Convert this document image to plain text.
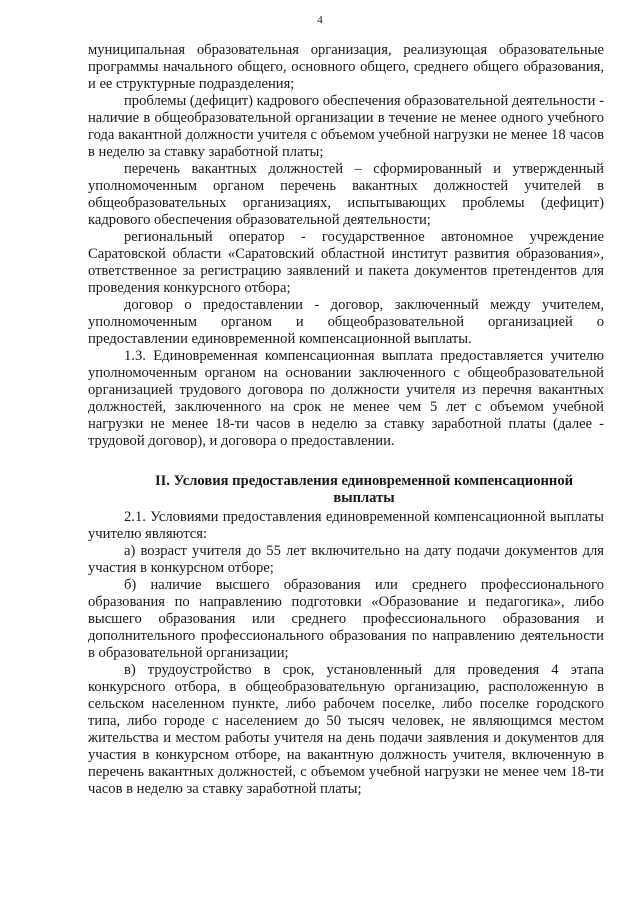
4

муниципальная образовательная организация, реализующая образовательные программы начального общего, основного общего, среднего общего образования, и ее структурные подразделения;

проблемы (дефицит) кадрового обеспечения образовательной деятельности - наличие в общеобразовательной организации в течение не менее одного учебного года вакантной должности учителя с объемом учебной нагрузки не менее 18 часов в неделю за ставку заработной платы;

перечень вакантных должностей – сформированный и утвержденный уполномоченным органом перечень вакантных должностей учителей в общеобразовательных организациях, испытывающих проблемы (дефицит) кадрового обеспечения образовательной деятельности;

региональный оператор - государственное автономное учреждение Саратовской области «Саратовский областной институт развития образования», ответственное за регистрацию заявлений и пакета документов претендентов для проведения конкурсного отбора;

договор о предоставлении - договор, заключенный между учителем, уполномоченным органом и общеобразовательной организацией о предоставлении единовременной компенсационной выплаты.

1.3. Единовременная компенсационная выплата предоставляется учителю уполномоченным органом на основании заключенного с общеобразовательной организацией трудового договора по должности учителя из перечня вакантных должностей, заключенного на срок не менее чем 5 лет с объемом учебной нагрузки не менее 18-ти часов в неделю за ставку заработной платы (далее - трудовой договор), и договора о предоставлении.

II. Условия предоставления единовременной компенсационной выплаты

2.1. Условиями предоставления единовременной компенсационной выплаты учителю являются:

а) возраст учителя до 55 лет включительно на дату подачи документов для участия в конкурсном отборе;

б) наличие высшего образования или среднего профессионального образования по направлению подготовки «Образование и педагогика», либо высшего образования или среднего профессионального образования и дополнительного профессионального образования по направлению деятельности в образовательной организации;

в) трудоустройство в срок, установленный для проведения 4 этапа конкурсного отбора, в общеобразовательную организацию, расположенную в сельском населенном пункте, либо рабочем поселке, либо поселке городского типа, либо городе с населением до 50 тысяч человек, не являющимся местом жительства и местом работы учителя на день подачи заявления и документов для участия в конкурсном отборе, на вакантную должность учителя, включенную в перечень вакантных должностей, с объемом учебной нагрузки не менее чем 18-ти часов в неделю за ставку заработной платы;
